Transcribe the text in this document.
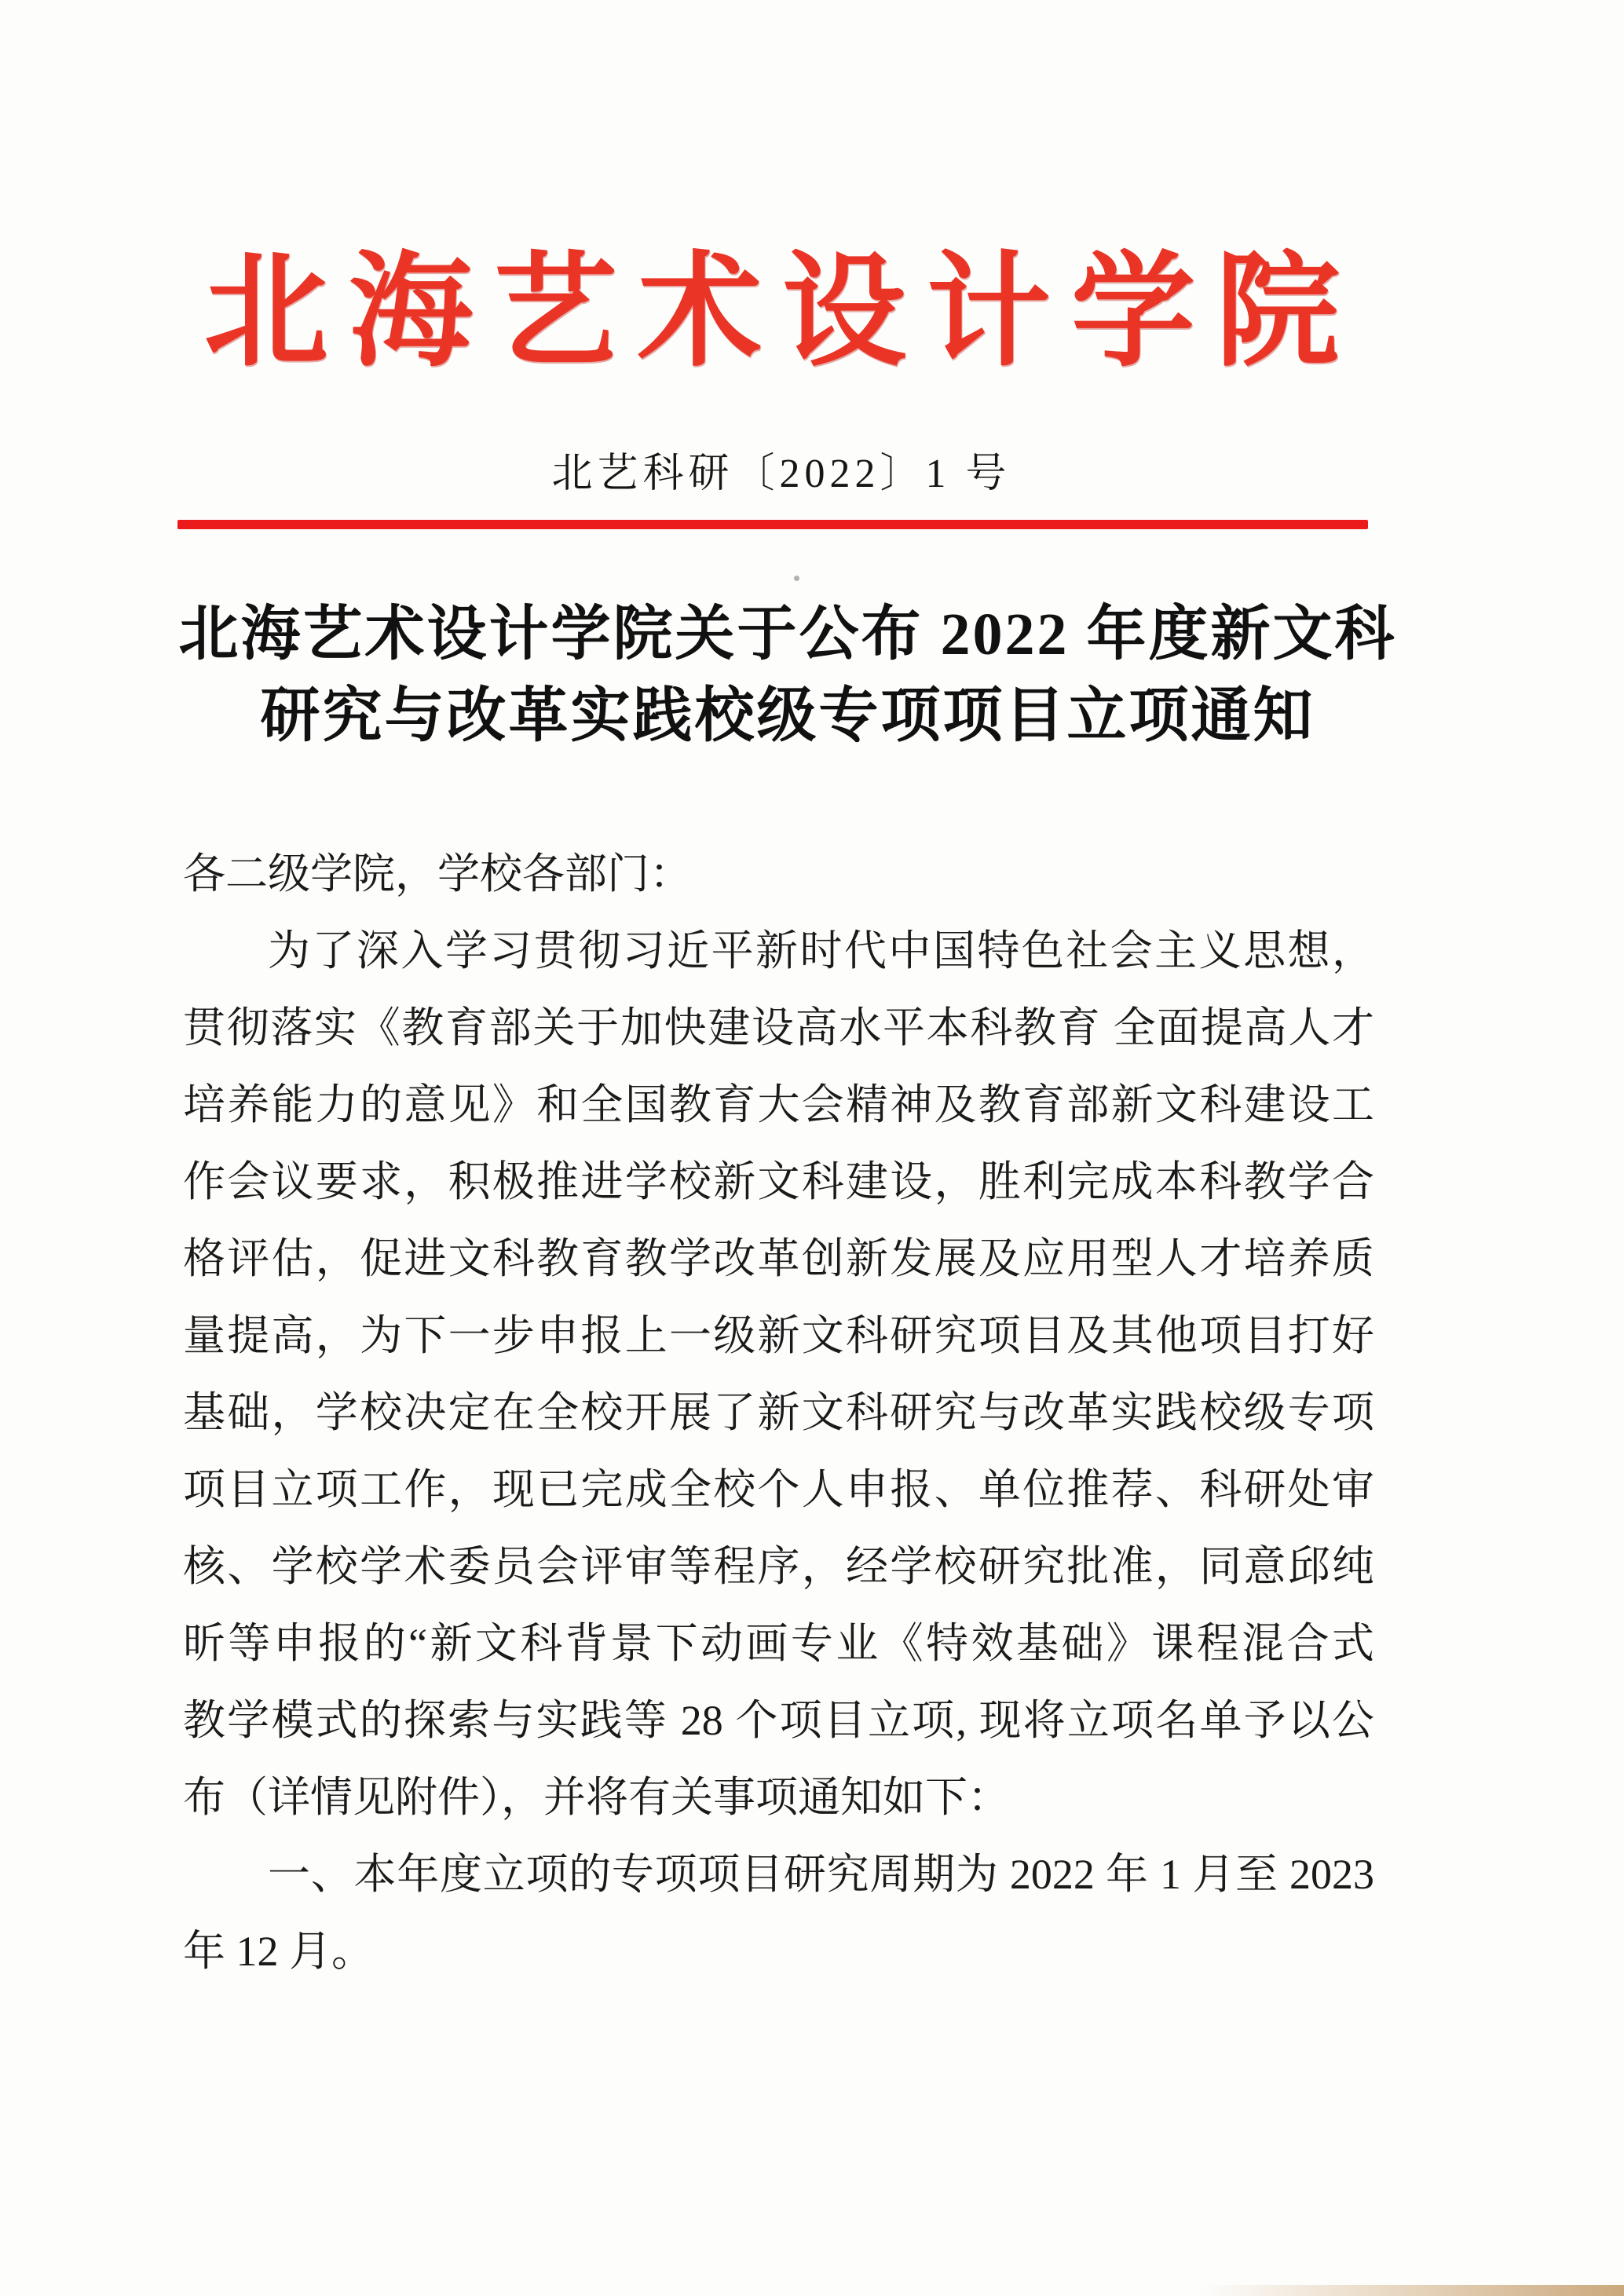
北海艺术设计学院
北艺科研〔2022〕1 号
北海艺术设计学院关于公布 2022 年度新文科
研究与改革实践校级专项项目立项通知
各二级学院，学校各部门：
为了深入学习贯彻习近平新时代中国特色社会主义思想，
贯彻落实《教育部关于加快建设高水平本科教育 全面提高人才
培养能力的意见》和全国教育大会精神及教育部新文科建设工
作会议要求，积极推进学校新文科建设，胜利完成本科教学合
格评估，促进文科教育教学改革创新发展及应用型人才培养质
量提高，为下一步申报上一级新文科研究项目及其他项目打好
基础，学校决定在全校开展了新文科研究与改革实践校级专项
项目立项工作，现已完成全校个人申报、单位推荐、科研处审
核、学校学术委员会评审等程序，经学校研究批准，同意邱纯
昕等申报的“新文科背景下动画专业《特效基础》课程混合式
教学模式的探索与实践等 28 个项目立项, 现将立项名单予以公
布（详情见附件），并将有关事项通知如下：
一、本年度立项的专项项目研究周期为 2022 年 1 月至 2023
年 12 月。
